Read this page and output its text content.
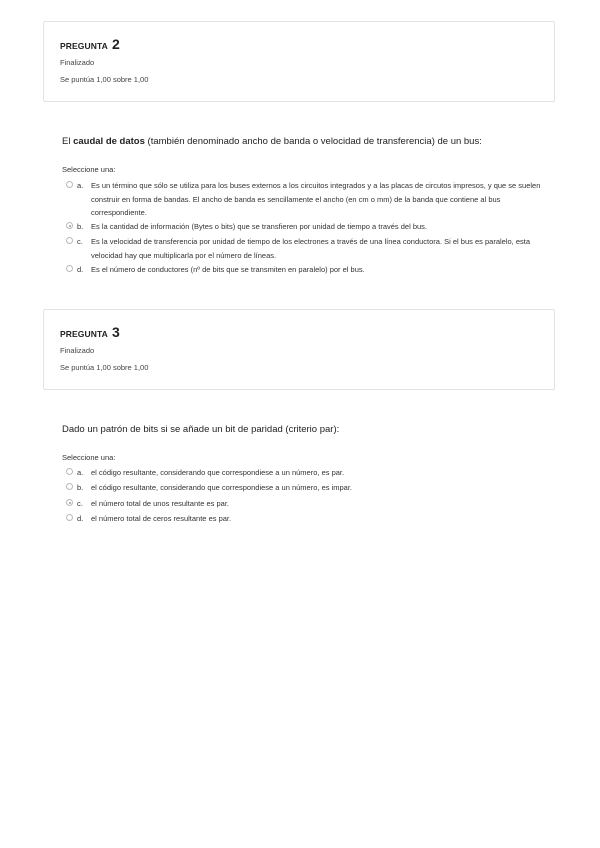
PREGUNTA 2
Finalizado
Se puntúa 1,00 sobre 1,00
El caudal de datos (también denominado ancho de banda o velocidad de transferencia) de un bus:
Seleccione una:
a. Es un término que sólo se utiliza para los buses externos a los circuitos integrados y a las placas de circutos impresos, y que se suelen construir en forma de bandas. El ancho de banda es sencillamente el ancho (en cm o mm) de la banda que contiene al bus correspondiente.
b. Es la cantidad de información (Bytes o bits) que se transfieren por unidad de tiempo a través del bus.
c. Es la velocidad de transferencia por unidad de tiempo de los electrones a través de una línea conductora. Si el bus es paralelo, esta velocidad hay que multiplicarla por el número de líneas.
d. Es el número de conductores (nº de bits que se transmiten en paralelo) por el bus.
PREGUNTA 3
Finalizado
Se puntúa 1,00 sobre 1,00
Dado un patrón de bits si se añade un bit de paridad (criterio par):
Seleccione una:
a. el código resultante, considerando que correspondiese a un número, es par.
b. el código resultante, considerando que correspondiese a un número, es impar.
c. el número total de unos resultante es par.
d. el número total de ceros resultante es par.
